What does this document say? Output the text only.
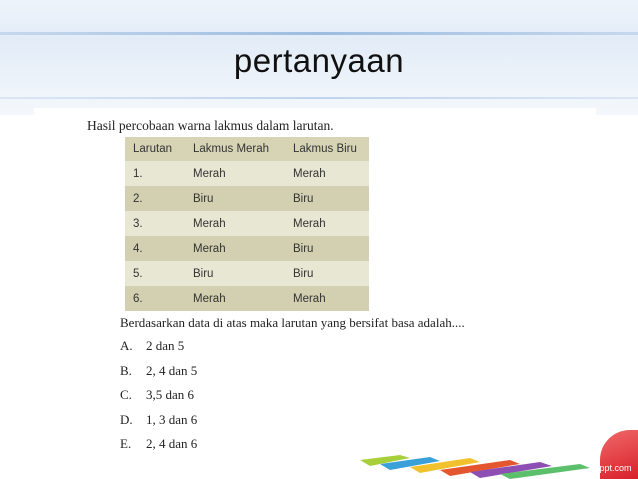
pertanyaan
Hasil percobaan warna lakmus dalam larutan.
Larutan	Lakmus Merah	Lakmus Biru
1.	Merah	Merah
2.	Biru	Biru
3.	Merah	Merah
4.	Merah	Biru
5.	Biru	Biru
6.	Merah	Merah
Berdasarkan data di atas maka larutan yang bersifat basa adalah....
A. 2 dan 5
B. 2, 4 dan 5
C. 3,5 dan 6
D. 1, 3 dan 6
E. 2, 4 dan 6
fppt.com
